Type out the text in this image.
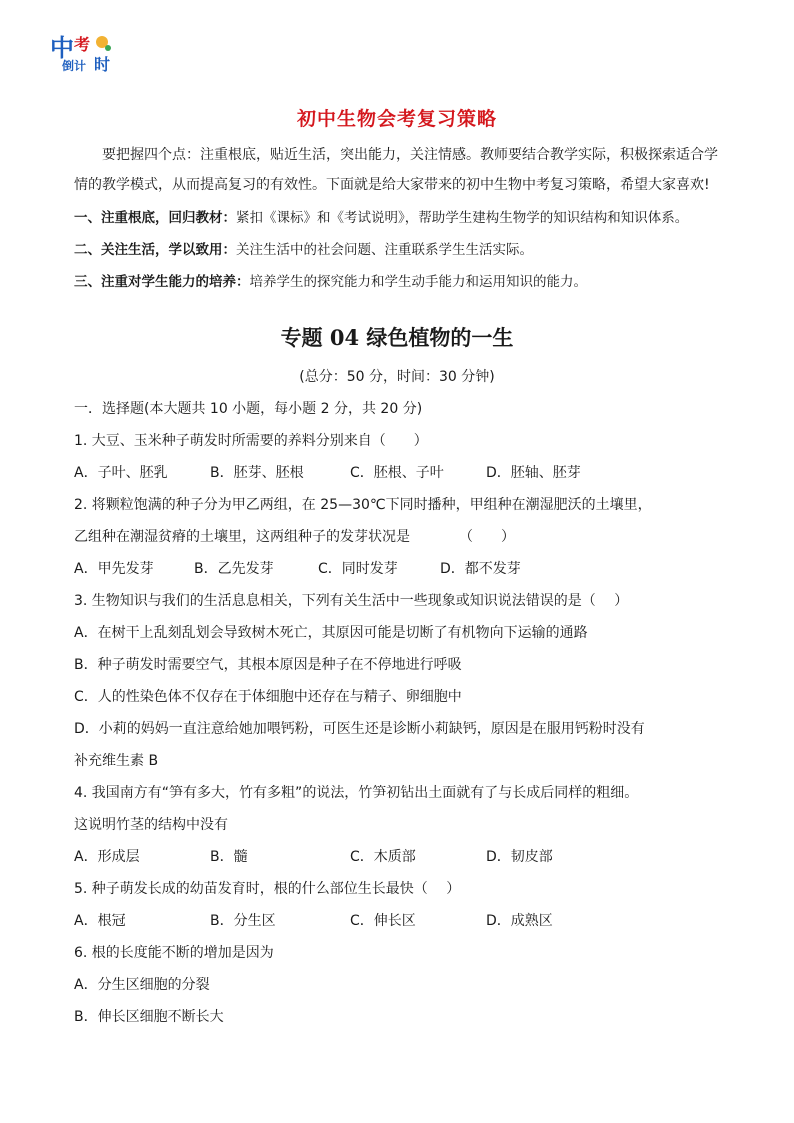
中 考
倒计 时
初中生物会考复习策略
要把握四个点：注重根底，贴近生活，突出能力，关注情感。教师要结合教学实际，积极探索适合学情的教学模式，从而提高复习的有效性。下面就是给大家带来的初中生物中考复习策略，希望大家喜欢!
一、注重根底，回归教材：紧扣《课标》和《考试说明》，帮助学生建构生物学的知识结构和知识体系。
二、关注生活，学以致用：关注生活中的社会问题、注重联系学生生活实际。
三、注重对学生能力的培养：培养学生的探究能力和学生动手能力和运用知识的能力。
专题 04 绿色植物的一生
(总分：50 分，时间：30 分钟)
一．选择题(本大题共 10 小题，每小题 2 分，共 20 分)
1. 大豆、玉米种子萌发时所需要的养料分别来自（　　）
A．子叶、胚乳	B．胚芽、胚根	C．胚根、子叶	D．胚轴、胚芽
2. 将颗粒饱满的种子分为甲乙两组，在 25—30℃下同时播种，甲组种在潮湿肥沃的土壤里，
乙组种在潮湿贫瘠的土壤里，这两组种子的发芽状况是　　　　（　　）
A．甲先发芽	B．乙先发芽	C．同时发芽	D．都不发芽
3. 生物知识与我们的生活息息相关，下列有关生活中一些现象或知识说法错误的是（　 ）
A．在树干上乱刻乱划会导致树木死亡，其原因可能是切断了有机物向下运输的通路
B．种子萌发时需要空气，其根本原因是种子在不停地进行呼吸
C．人的性染色体不仅存在于体细胞中还存在与精子、卵细胞中
D．小莉的妈妈一直注意给她加喂钙粉，可医生还是诊断小莉缺钙，原因是在服用钙粉时没有
补充维生素 B
4. 我国南方有“笋有多大，竹有多粗”的说法，竹笋初钻出土面就有了与长成后同样的粗细。
这说明竹茎的结构中没有
A．形成层	B．髓	C．木质部	D．韧皮部
5. 种子萌发长成的幼苗发育时，根的什么部位生长最快（　 ）
A．根冠	B．分生区	C．伸长区	D．成熟区
6. 根的长度能不断的增加是因为
A．分生区细胞的分裂
B．伸长区细胞不断长大
